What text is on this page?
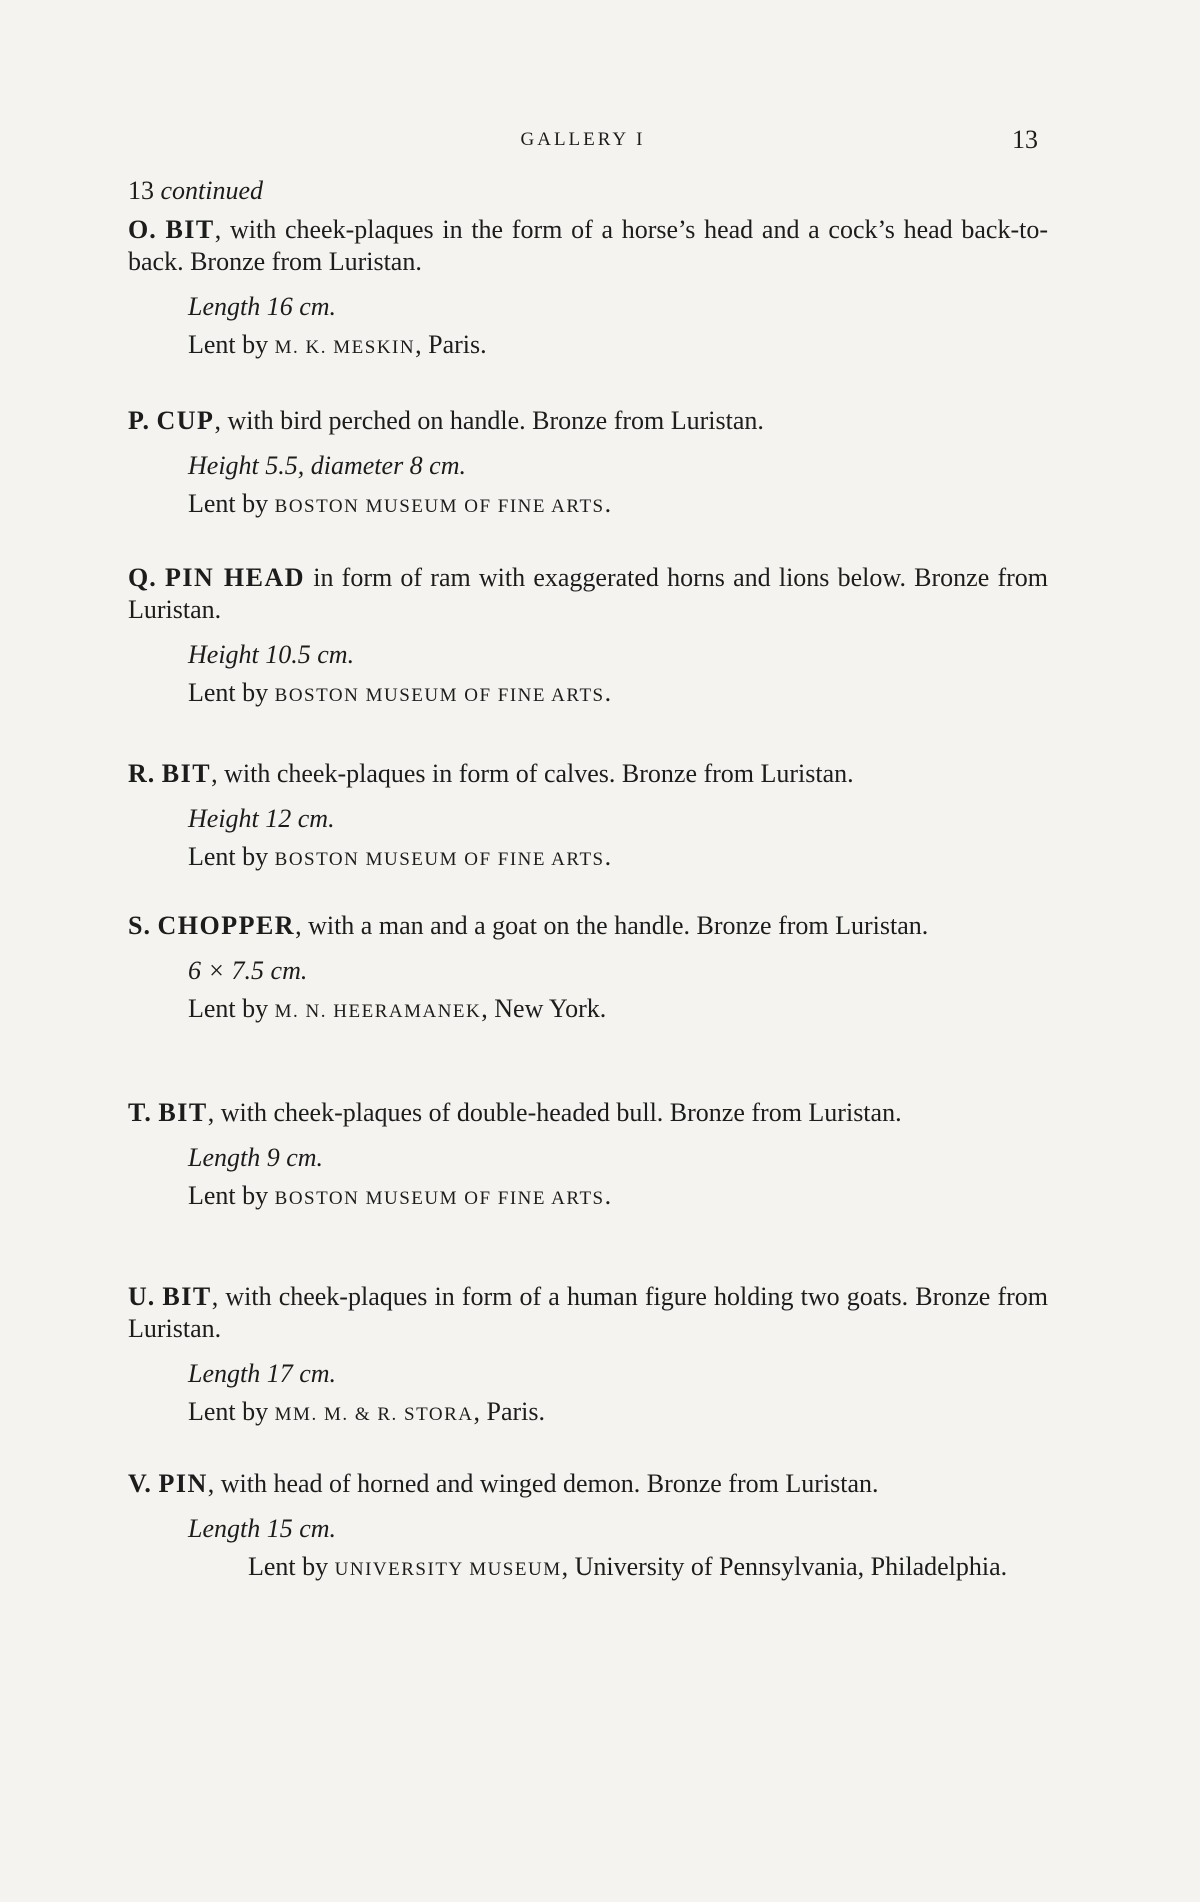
GALLERY I	13
13 continued
O. BIT, with cheek-plaques in the form of a horse’s head and a cock’s head back-to-back. Bronze from Luristan.
Length 16 cm.
Lent by M. K. MESKIN, Paris.
P. CUP, with bird perched on handle. Bronze from Luristan.
Height 5.5, diameter 8 cm.
Lent by BOSTON MUSEUM OF FINE ARTS.
Q. PIN HEAD in form of ram with exaggerated horns and lions below. Bronze from Luristan.
Height 10.5 cm.
Lent by BOSTON MUSEUM OF FINE ARTS.
R. BIT, with cheek-plaques in form of calves. Bronze from Luristan.
Height 12 cm.
Lent by BOSTON MUSEUM OF FINE ARTS.
S. CHOPPER, with a man and a goat on the handle. Bronze from Luristan.
6 × 7.5 cm.
Lent by M. N. HEERAMANEK, New York.
T. BIT, with cheek-plaques of double-headed bull. Bronze from Luristan.
Length 9 cm.
Lent by BOSTON MUSEUM OF FINE ARTS.
U. BIT, with cheek-plaques in form of a human figure holding two goats. Bronze from Luristan.
Length 17 cm.
Lent by MM. M. & R. STORA, Paris.
V. PIN, with head of horned and winged demon. Bronze from Luristan.
Length 15 cm.
Lent by UNIVERSITY MUSEUM, University of Pennsylvania, Philadelphia.
